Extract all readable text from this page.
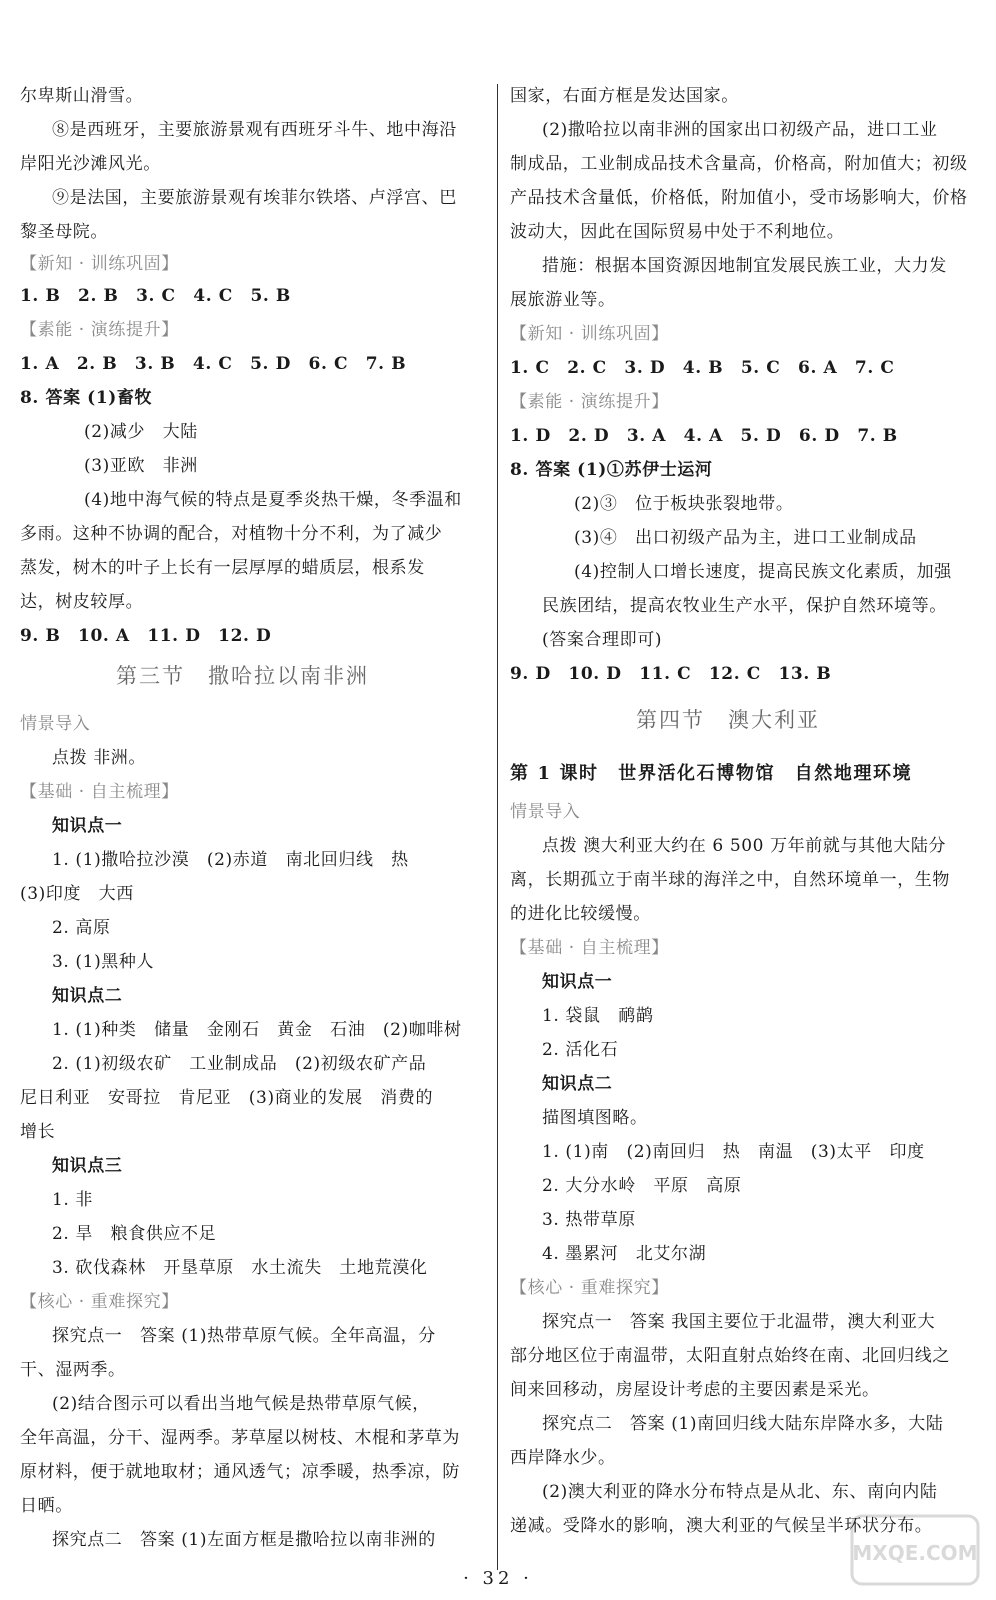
尔卑斯山滑雪。
⑧是西班牙，主要旅游景观有西班牙斗牛、地中海沿
岸阳光沙滩风光。
⑨是法国，主要旅游景观有埃菲尔铁塔、卢浮宫、巴
黎圣母院。
【新知 · 训练巩固】
1. B　2. B　3. C　4. C　5. B
【素能 · 演练提升】
1. A　2. B　3. B　4. C　5. D　6. C　7. B
8. 答案 (1)畜牧
(2)减少　大陆
(3)亚欧　非洲
(4)地中海气候的特点是夏季炎热干燥，冬季温和
多雨。这种不协调的配合，对植物十分不利，为了减少
蒸发，树木的叶子上长有一层厚厚的蜡质层，根系发
达，树皮较厚。
9. B　10. A　11. D　12. D
第三节　撒哈拉以南非洲
情景导入
点拨 非洲。
【基础 · 自主梳理】
知识点一
1. (1)撒哈拉沙漠　(2)赤道　南北回归线　热
(3)印度　大西
2. 高原
3. (1)黑种人
知识点二
1. (1)种类　储量　金刚石　黄金　石油　(2)咖啡树
2. (1)初级农矿　工业制成品　(2)初级农矿产品
尼日利亚　安哥拉　肯尼亚　(3)商业的发展　消费的
增长
知识点三
1. 非
2. 旱　粮食供应不足
3. 砍伐森林　开垦草原　水土流失　土地荒漠化
【核心 · 重难探究】
探究点一　答案 (1)热带草原气候。全年高温，分
干、湿两季。
(2)结合图示可以看出当地气候是热带草原气候，
全年高温，分干、湿两季。茅草屋以树枝、木棍和茅草为
原材料，便于就地取材；通风透气；凉季暖，热季凉，防
日晒。
探究点二　答案 (1)左面方框是撒哈拉以南非洲的
国家，右面方框是发达国家。
(2)撒哈拉以南非洲的国家出口初级产品，进口工业
制成品，工业制成品技术含量高，价格高，附加值大；初级
产品技术含量低，价格低，附加值小，受市场影响大，价格
波动大，因此在国际贸易中处于不利地位。
措施：根据本国资源因地制宜发展民族工业，大力发
展旅游业等。
【新知 · 训练巩固】
1. C　2. C　3. D　4. B　5. C　6. A　7. C
【素能 · 演练提升】
1. D　2. D　3. A　4. A　5. D　6. D　7. B
8. 答案 (1)①苏伊士运河
(2)③　位于板块张裂地带。
(3)④　出口初级产品为主，进口工业制成品
(4)控制人口增长速度，提高民族文化素质，加强
民族团结，提高农牧业生产水平，保护自然环境等。
(答案合理即可)
9. D　10. D　11. C　12. C　13. B
第四节　澳大利亚
第 1 课时　世界活化石博物馆　自然地理环境
情景导入
点拨 澳大利亚大约在 6 500 万年前就与其他大陆分
离，长期孤立于南半球的海洋之中，自然环境单一，生物
的进化比较缓慢。
【基础 · 自主梳理】
知识点一
1. 袋鼠　鸸鹋
2. 活化石
知识点二
描图填图略。
1. (1)南　(2)南回归　热　南温　(3)太平　印度
2. 大分水岭　平原　高原
3. 热带草原
4. 墨累河　北艾尔湖
【核心 · 重难探究】
探究点一　答案 我国主要位于北温带，澳大利亚大
部分地区位于南温带，太阳直射点始终在南、北回归线之
间来回移动，房屋设计考虑的主要因素是采光。
探究点二　答案 (1)南回归线大陆东岸降水多，大陆
西岸降水少。
(2)澳大利亚的降水分布特点是从北、东、南向内陆
递减。受降水的影响，澳大利亚的气候呈半环状分布。
· 32 ·
MXQE.COM
